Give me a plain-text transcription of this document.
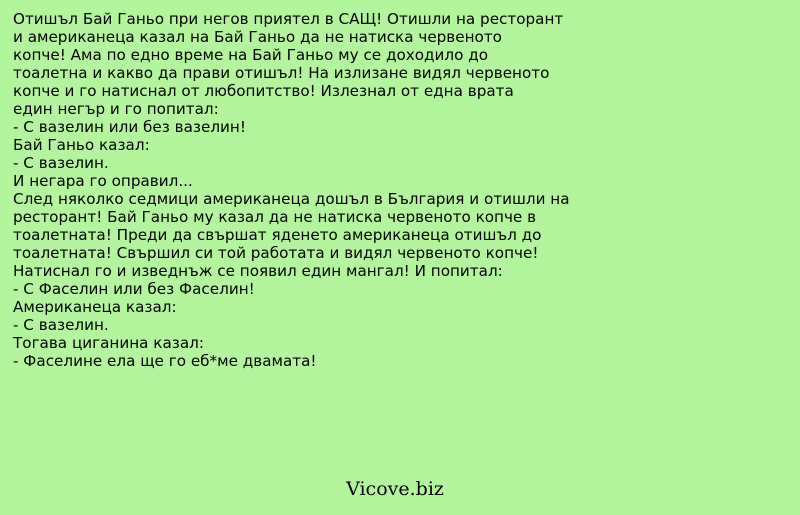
Отишъл Бай Ганьо при негов приятел в САЩ! Отишли на ресторант
и американеца казал на Бай Ганьо да не натиска червеното
копче! Ама по едно време на Бай Ганьо му се доходило до
тоалетна и какво да прави отишъл! На излизане видял червеното
копче и го натиснал от любопитство! Излезнал от една врата
един негър и го попитал:
- С вазелин или без вазелин!
Бай Ганьо казал:
- С вазелин.
И негара го оправил...
След няколко седмици американеца дошъл в България и отишли на
ресторант! Бай Ганьо му казал да не натиска червеното копче в
тоалетната! Преди да свършат яденето американеца отишъл до
тоалетната! Свършил си той работата и видял червеното копче!
Натиснал го и изведнъж се появил един мангал! И попитал:
- С Фаселин или без Фаселин!
Американеца казал:
- С вазелин.
Тогава циганина казал:
- Фаселине ела ще го еб*ме двамата!
Vicove.biz
